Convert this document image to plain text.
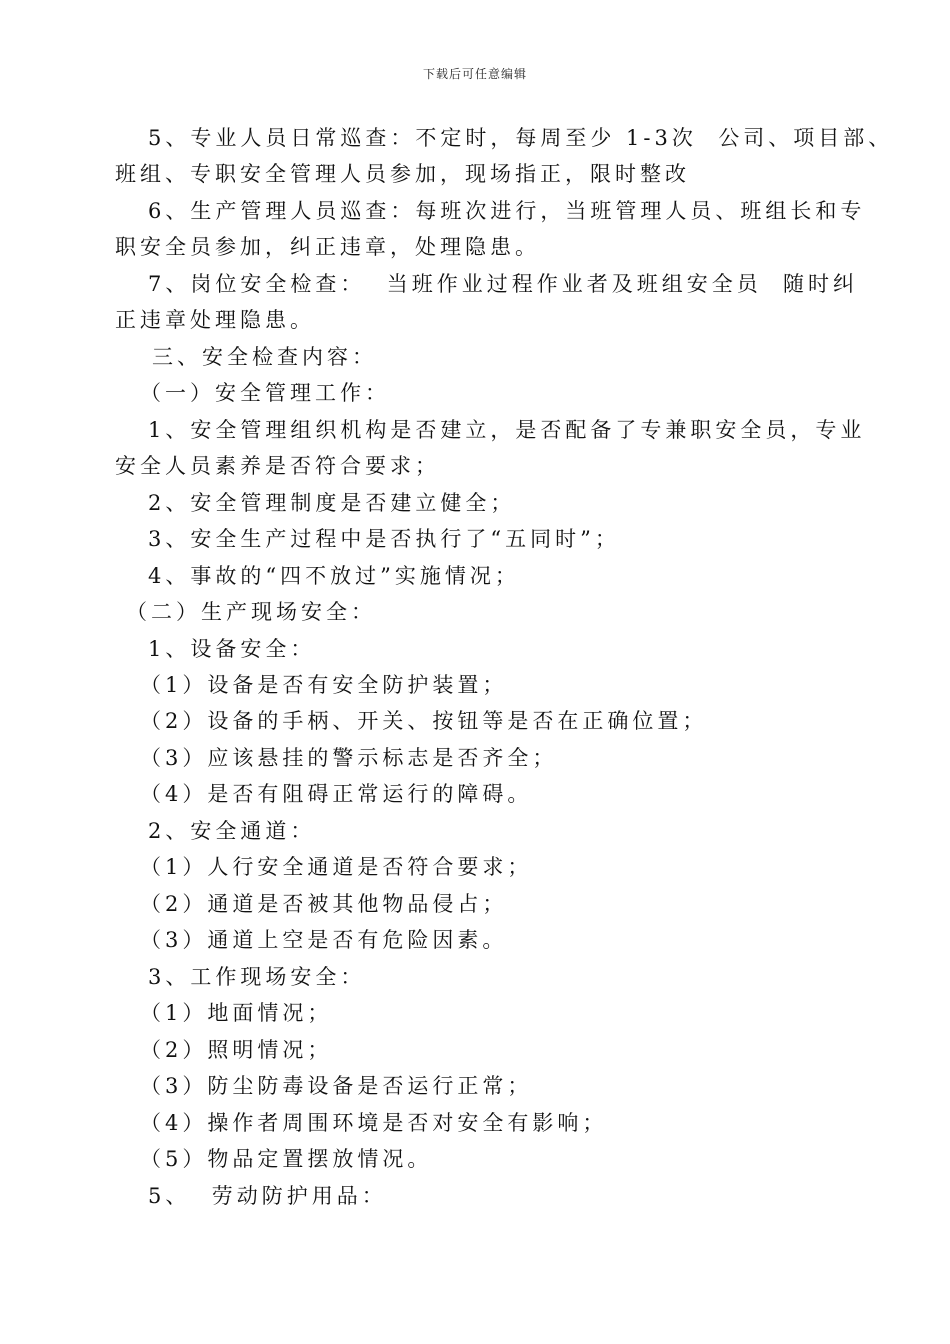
下载后可任意编辑
5、专业人员日常巡查：不定时，每周至少 1-3次  公司、项目部、
班组、专职安全管理人员参加，现场指正，限时整改
6、生产管理人员巡查：每班次进行，当班管理人员、班组长和专
职安全员参加，纠正违章，处理隐患。
7、岗位安全检查：  当班作业过程作业者及班组安全员  随时纠
正违章处理隐患。
三、安全检查内容：
（一）安全管理工作：
1、安全管理组织机构是否建立，是否配备了专兼职安全员，专业
安全人员素养是否符合要求；
2、安全管理制度是否建立健全；
3、安全生产过程中是否执行了“五同时”；
4、事故的“四不放过”实施情况；
（二）生产现场安全：
1、设备安全：
（1）设备是否有安全防护装置；
（2）设备的手柄、开关、按钮等是否在正确位置；
（3）应该悬挂的警示标志是否齐全；
（4）是否有阻碍正常运行的障碍。
2、安全通道：
（1）人行安全通道是否符合要求；
（2）通道是否被其他物品侵占；
（3）通道上空是否有危险因素。
3、工作现场安全：
（1）地面情况；
（2）照明情况；
（3）防尘防毒设备是否运行正常；
（4）操作者周围环境是否对安全有影响；
（5）物品定置摆放情况。
5、  劳动防护用品：
